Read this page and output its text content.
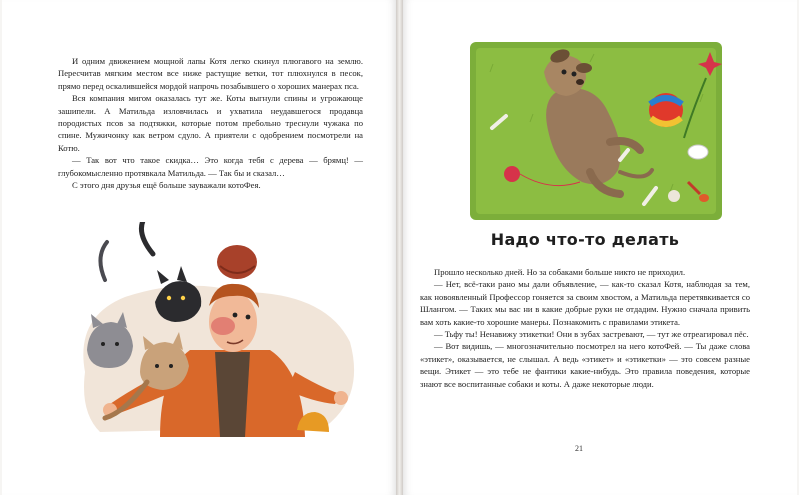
И одним движением мощной лапы Котя легко скинул плюгавого на землю. Пересчитав мягким местом все ниже растущие ветки, тот плюхнулся в песок, прямо перед оскалившейся мордой напрочь позабывшего о хороших манерах пса.

Вся компания мигом оказалась тут же. Коты выгнули спины и угрожающе зашипели. А Матильда изловчилась и ухватила неудавшегося продавца породистых псов за подтяжки, которые потом пребольно треснули чужака по спине. Мужичонку как ветром сдуло. А приятели с одобрением посмотрели на Котю.

— Так вот что такое скидка… Это когда тебя с дерева — брямц! — глубокомысленно протявкала Матильда. — Так бы и сказал…

С этого дня друзья ещё больше зауважали котоФея.

Надо что-то делать

Прошло несколько дней. Но за собаками больше никто не приходил.

— Нет, всё-таки рано мы дали объявление, — как-то сказал Котя, наблюдая за тем, как новоявленный Профессор гоняется за своим хвостом, а Матильда перетявкивается со Шлангом. — Таких мы вас ни в какие добрые руки не отдадим. Нужно сначала привить вам хоть какие-то хорошие манеры. Познакомить с правилами этикета.

— Тьфу ты! Ненавижу этикетки! Они в зубах застревают, — тут же отреагировал пёс.

— Вот видишь, — многозначительно посмотрел на него котоФей. — Ты даже слова «этикет», оказывается, не слышал. А ведь «этикет» и «этикетки» — это совсем разные вещи. Этикет — это тебе не фантики какие-нибудь. Это правила поведения, которые знают все воспитанные собаки и коты. А даже некоторые люди.

21
